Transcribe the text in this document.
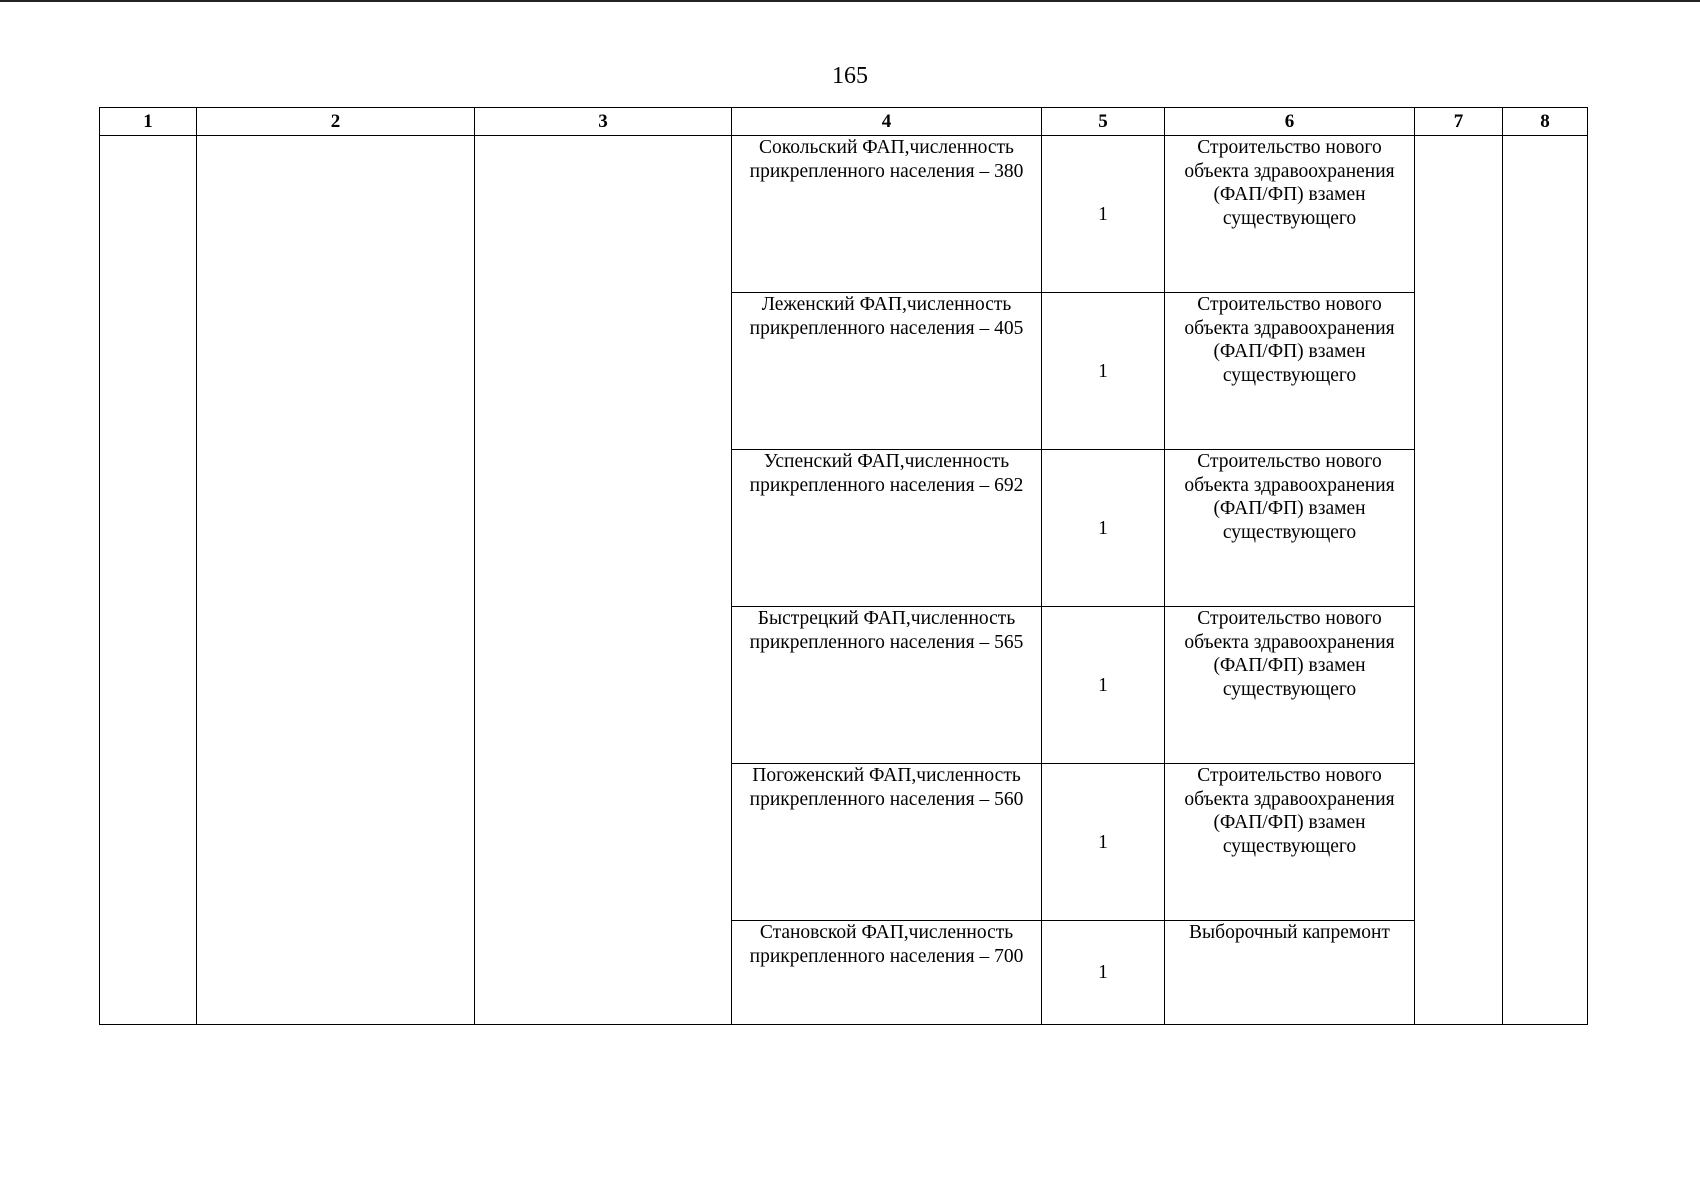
165
1	2	3	4	5	6	7	8
			Сокольский ФАП,численность прикрепленного населения – 380	1	Строительство нового объекта здравоохранения (ФАП/ФП) взамен существующего		
			Леженский ФАП,численность прикрепленного населения – 405	1	Строительство нового объекта здравоохранения (ФАП/ФП) взамен существующего		
			Успенский ФАП,численность прикрепленного населения – 692	1	Строительство нового объекта здравоохранения (ФАП/ФП) взамен существующего		
			Быстрецкий ФАП,численность прикрепленного населения – 565	1	Строительство нового объекта здравоохранения (ФАП/ФП) взамен существующего		
			Погоженский ФАП,численность прикрепленного населения – 560	1	Строительство нового объекта здравоохранения (ФАП/ФП) взамен существующего		
			Становской ФАП,численность прикрепленного населения – 700	1	Выборочный капремонт		
